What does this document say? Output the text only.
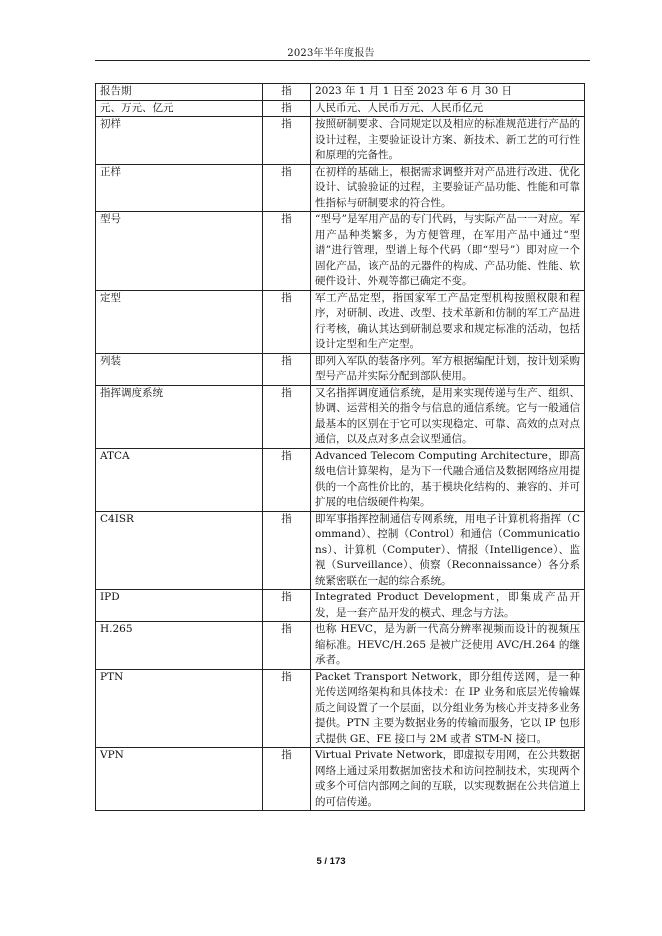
2023年半年度报告
报告期	指	2023 年 1 月 1 日至 2023 年 6 月 30 日
元、万元、亿元	指	人民币元、人民币万元、人民币亿元
初样	指	按照研制要求、合同规定以及相应的标准规范进行产品的设计过程，主要验证设计方案、新技术、新工艺的可行性和原理的完备性。
正样	指	在初样的基础上，根据需求调整并对产品进行改进、优化设计、试验验证的过程，主要验证产品功能、性能和可靠性指标与研制要求的符合性。
型号	指	“型号”是军用产品的专门代码，与实际产品一一对应。军用产品种类繁多，为方便管理，在军用产品中通过“型谱”进行管理，型谱上每个代码（即“型号”）即对应一个固化产品，该产品的元器件的构成、产品功能、性能、软硬件设计、外观等都已确定不变。
定型	指	军工产品定型，指国家军工产品定型机构按照权限和程序，对研制、改进、改型、技术革新和仿制的军工产品进行考核，确认其达到研制总要求和规定标准的活动，包括设计定型和生产定型。
列装	指	即列入军队的装备序列。军方根据编配计划，按计划采购型号产品并实际分配到部队使用。
指挥调度系统	指	又名指挥调度通信系统，是用来实现传递与生产、组织、协调、运营相关的指令与信息的通信系统。它与一般通信最基本的区别在于它可以实现稳定、可靠、高效的点对点通信，以及点对多点会议型通信。
ATCA	指	Advanced Telecom Computing Architecture，即高级电信计算架构，是为下一代融合通信及数据网络应用提供的一个高性价比的，基于模块化结构的、兼容的、并可扩展的电信级硬件构架。
C4ISR	指	即军事指挥控制通信专网系统，用电子计算机将指挥（Command）、控制（Control）和通信（Communications）、计算机（Computer）、情报（Intelligence）、监视（Surveillance）、侦察（Reconnaissance）各分系统紧密联在一起的综合系统。
IPD	指	Integrated Product Development，即集成产品开发，是一套产品开发的模式、理念与方法。
H.265	指	也称 HEVC，是为新一代高分辨率视频而设计的视频压缩标准。HEVC/H.265 是被广泛使用 AVC/H.264 的继承者。
PTN	指	Packet Transport Network，即分组传送网，是一种光传送网络架构和具体技术：在 IP 业务和底层光传输媒质之间设置了一个层面，以分组业务为核心并支持多业务提供。PTN 主要为数据业务的传输而服务，它以 IP 包形式提供 GE、FE 接口与 2M 或者 STM-N 接口。
VPN	指	Virtual Private Network，即虚拟专用网，在公共数据网络上通过采用数据加密技术和访问控制技术，实现两个或多个可信内部网之间的互联，以实现数据在公共信道上的可信传递。
5 / 173
